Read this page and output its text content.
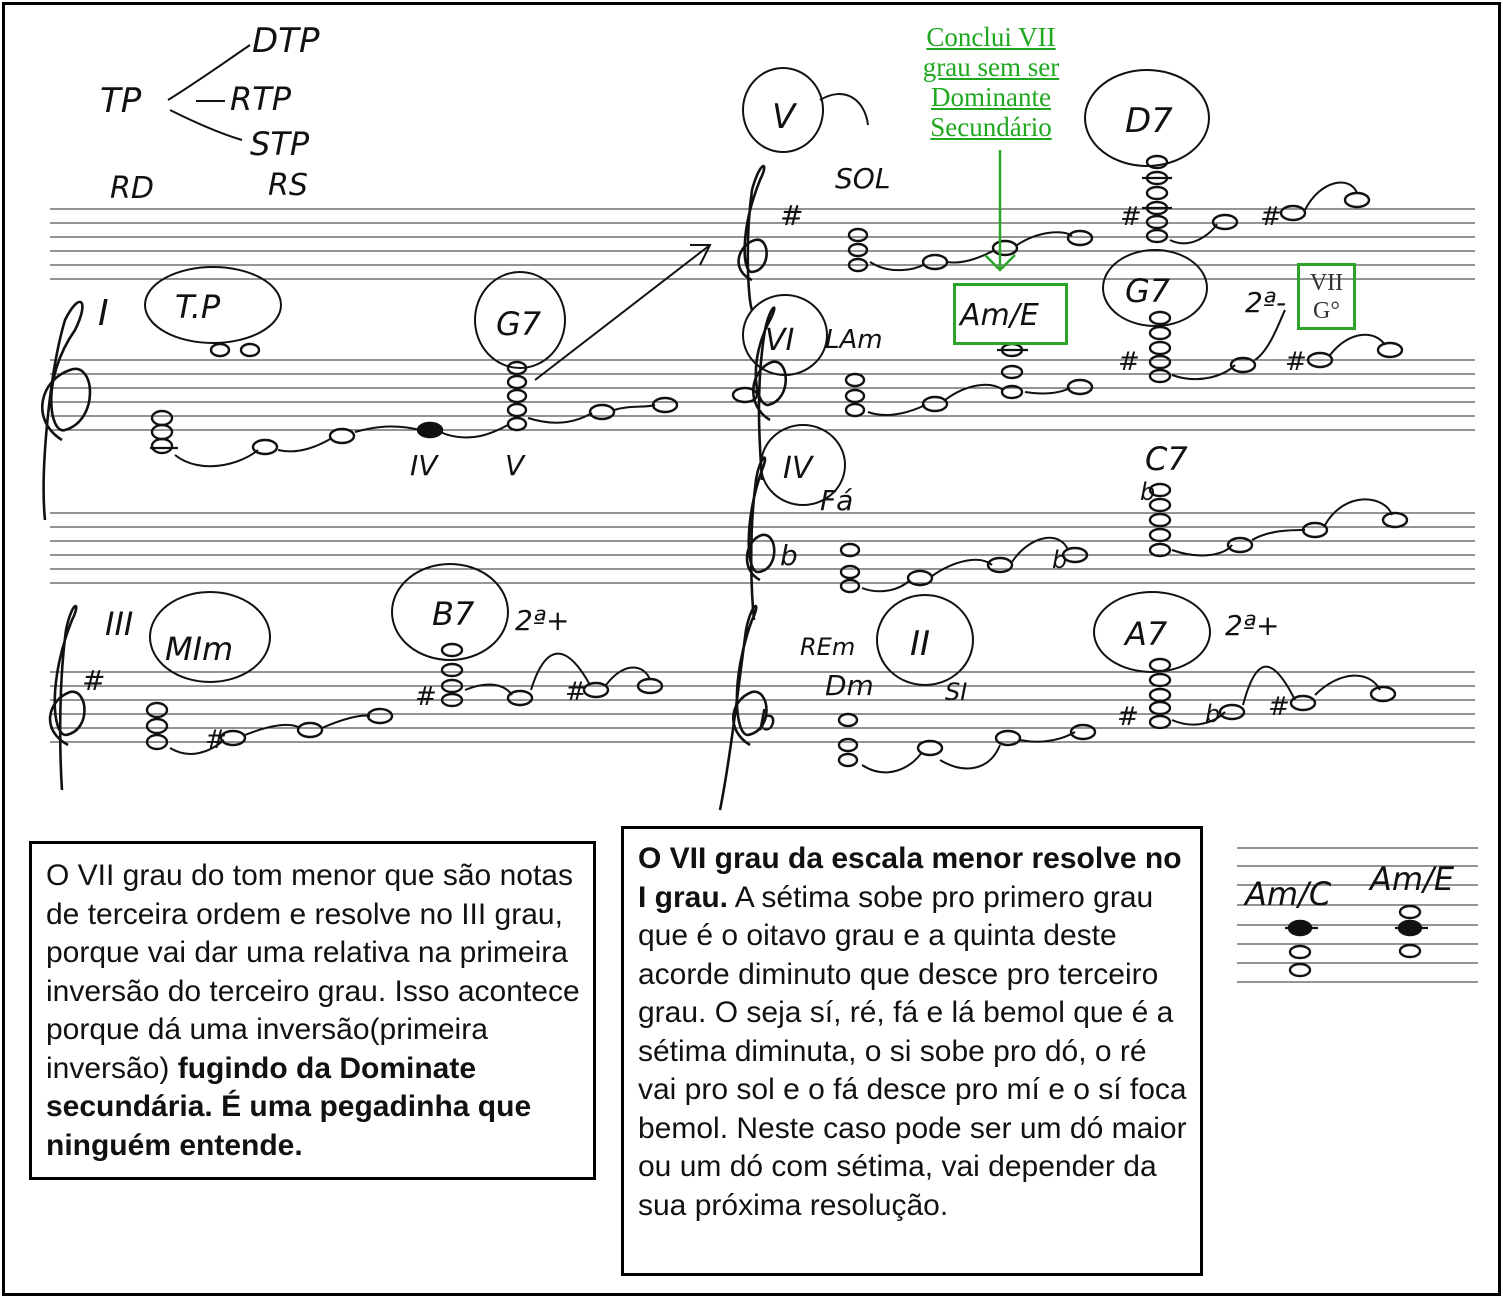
#
#
#	#
#	#
#
#	#
#	#
b
b
b
b
b
DTP
TP	RTP
STP
RD	RS
I T.P	G7
IV V
V
SOL
D7
VI LAm
Am/E
G7	2ª-
IV
Fá
C7
III
MIm
B7 2ª+
REm II
Dm	SI
A7 2ª+
Am/C Am/E
Conclui VII
grau sem ser
Dominante
Secundário
VII
G°
O VII grau do tom menor que são notas de terceira ordem e resolve no III grau, porque vai dar uma relativa na primeira inversão do terceiro grau. Isso acontece porque dá uma inversão(primeira inversão) fugindo da Dominate secundária. É uma pegadinha que ninguém entende.
O VII grau da escala menor resolve no I grau. A sétima sobe pro primero grau que é o oitavo grau e a quinta deste acorde diminuto que desce pro terceiro grau. O seja sí, ré, fá e lá bemol que é a sétima diminuta, o si sobe pro dó, o ré vai pro sol e o fá desce pro mí e o sí foca bemol. Neste caso pode ser um dó maior ou um dó com sétima, vai depender da sua próxima resolução.
